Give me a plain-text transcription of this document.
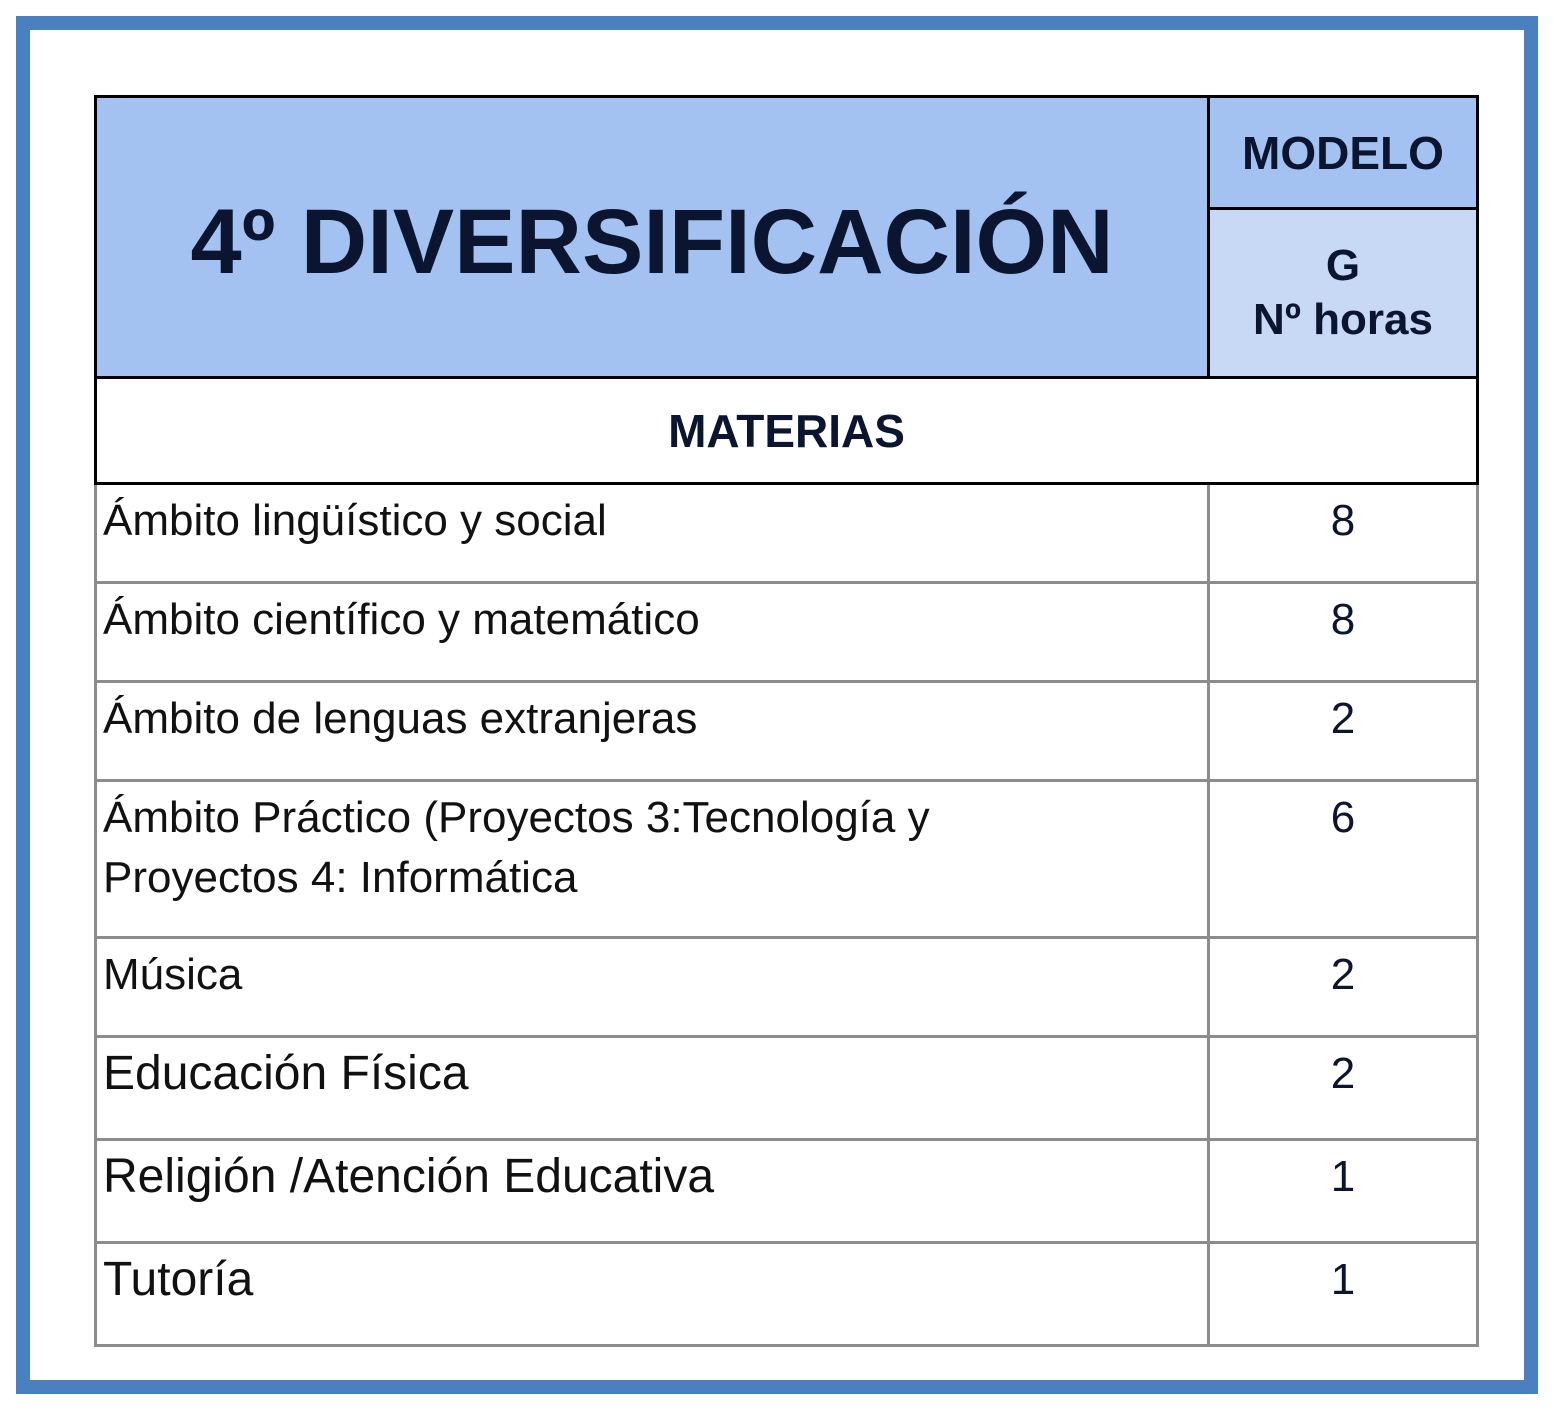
4º DIVERSIFICACIÓN	MODELO

	G
Nº horas

MATERIAS	
Ámbito lingüístico y social	8
Ámbito científico y matemático	8
Ámbito de lenguas extranjeras	2

Ámbito Práctico (Proyectos 3:Tecnología y
Proyectos 4: Informática	6
Música	2
Educación Física	2
Religión /Atención Educativa	1
Tutoría	1
